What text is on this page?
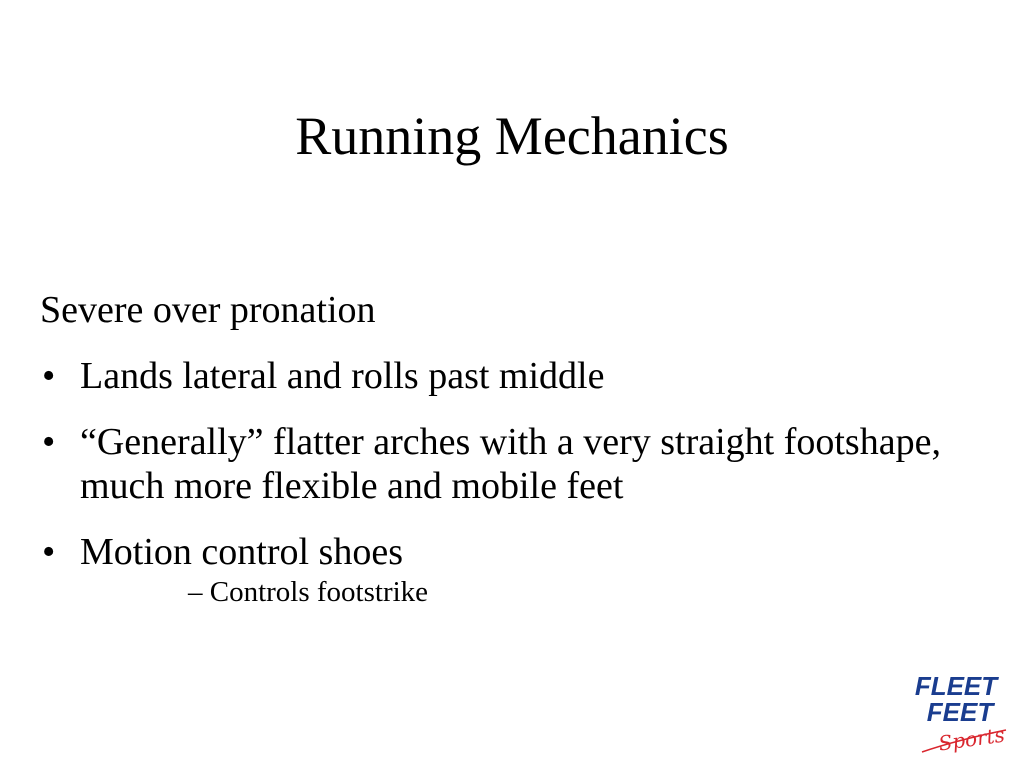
Running Mechanics

Severe over pronation

• Lands lateral and rolls past middle
• “Generally” flatter arches with a very straight footshape, much more flexible and mobile feet
• Motion control shoes
– Controls footstrike
FLEET
FEET
Sports
